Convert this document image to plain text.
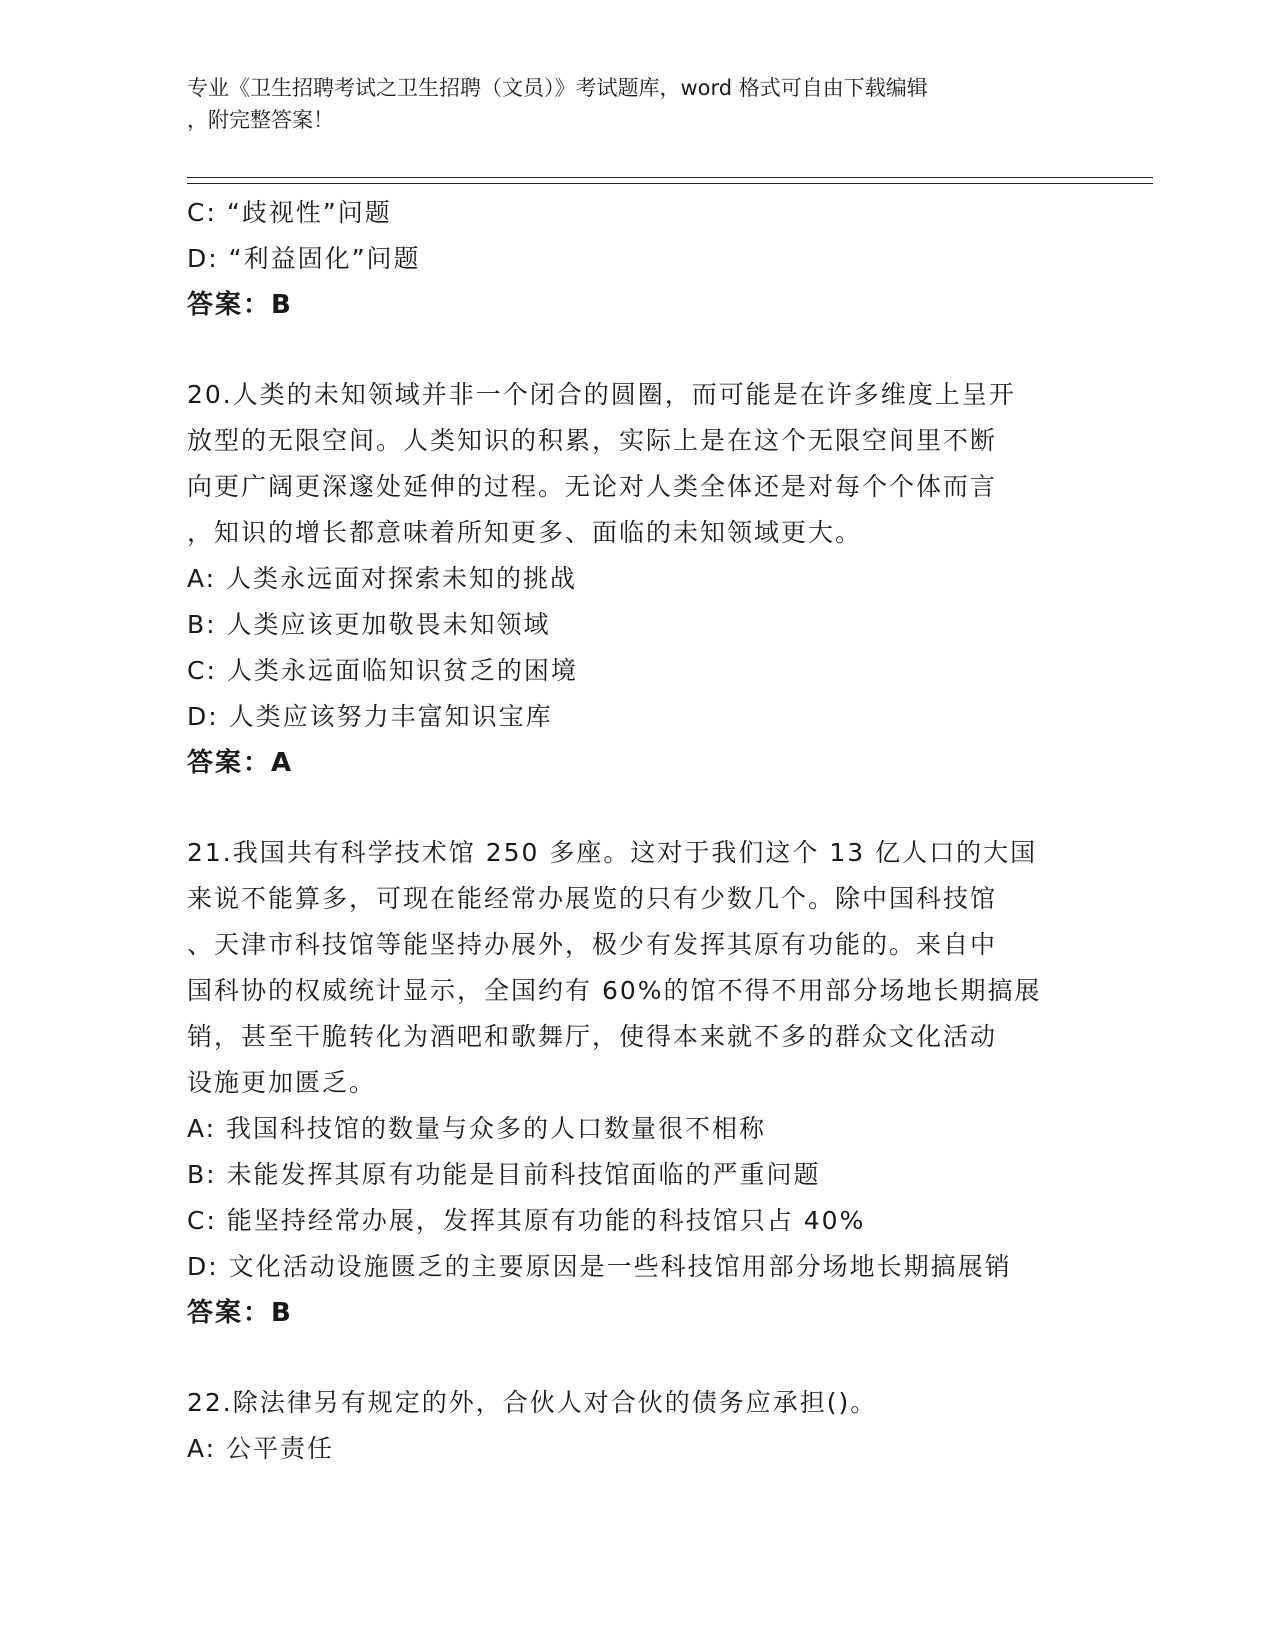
专业《卫生招聘考试之卫生招聘（文员）》考试题库，word 格式可自由下载编辑
，附完整答案！
C: “歧视性”问题
D: “利益固化”问题
答案：B
20.人类的未知领域并非一个闭合的圆圈，而可能是在许多维度上呈开
放型的无限空间。人类知识的积累，实际上是在这个无限空间里不断
向更广阔更深邃处延伸的过程。无论对人类全体还是对每个个体而言
，知识的增长都意味着所知更多、面临的未知领域更大。
A: 人类永远面对探索未知的挑战
B: 人类应该更加敬畏未知领域
C: 人类永远面临知识贫乏的困境
D: 人类应该努力丰富知识宝库
答案：A
21.我国共有科学技术馆 250 多座。这对于我们这个 13 亿人口的大国
来说不能算多，可现在能经常办展览的只有少数几个。除中国科技馆
、天津市科技馆等能坚持办展外，极少有发挥其原有功能的。来自中
国科协的权威统计显示，全国约有 60%的馆不得不用部分场地长期搞展
销，甚至干脆转化为酒吧和歌舞厅，使得本来就不多的群众文化活动
设施更加匮乏。
A: 我国科技馆的数量与众多的人口数量很不相称
B: 未能发挥其原有功能是目前科技馆面临的严重问题
C: 能坚持经常办展，发挥其原有功能的科技馆只占 40%
D: 文化活动设施匮乏的主要原因是一些科技馆用部分场地长期搞展销
答案：B
22.除法律另有规定的外，合伙人对合伙的债务应承担()。
A: 公平责任
